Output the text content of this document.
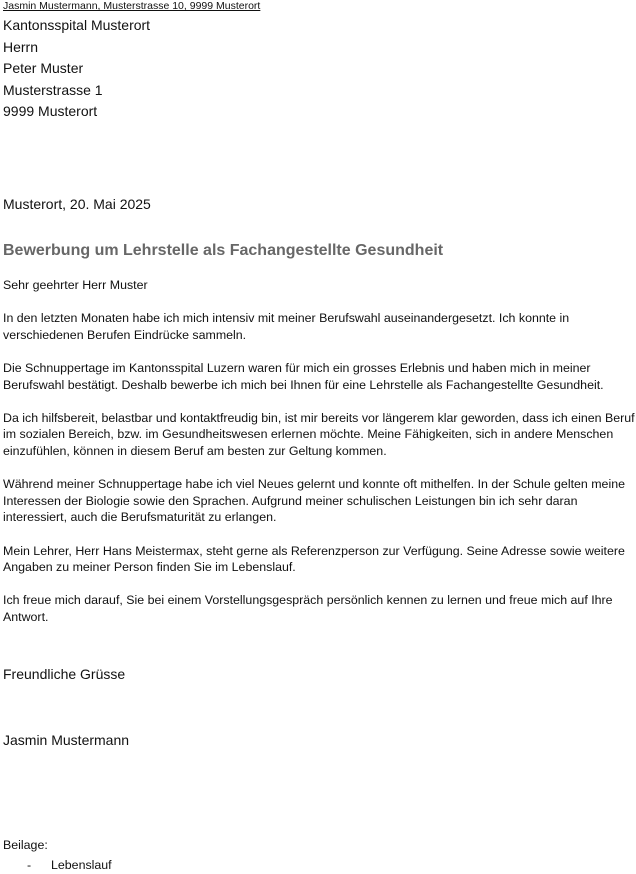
Jasmin Mustermann, Musterstrasse 10, 9999 Musterort
Kantonsspital Musterort
Herrn
Peter Muster
Musterstrasse 1
9999 Musterort
Musterort, 20. Mai 2025
Bewerbung um Lehrstelle als Fachangestellte Gesundheit

Sehr geehrter Herr Muster

In den letzten Monaten habe ich mich intensiv mit meiner Berufswahl auseinandergesetzt. Ich konnte in verschiedenen Berufen Eindrücke sammeln.

Die Schnuppertage im Kantonsspital Luzern waren für mich ein grosses Erlebnis und haben mich in meiner Berufswahl bestätigt. Deshalb bewerbe ich mich bei Ihnen für eine Lehrstelle als Fachangestellte Gesundheit.

Da ich hilfsbereit, belastbar und kontaktfreudig bin, ist mir bereits vor längerem klar geworden, dass ich einen Beruf im sozialen Bereich, bzw. im Gesundheitswesen erlernen möchte. Meine Fähigkeiten, sich in andere Menschen einzufühlen, können in diesem Beruf am besten zur Geltung kommen.

Während meiner Schnuppertage habe ich viel Neues gelernt und konnte oft mithelfen. In der Schule gelten meine Interessen der Biologie sowie den Sprachen. Aufgrund meiner schulischen Leistungen bin ich sehr daran interessiert, auch die Berufsmaturität zu erlangen.

Mein Lehrer, Herr Hans Meistermax, steht gerne als Referenzperson zur Verfügung. Seine Adresse sowie weitere Angaben zu meiner Person finden Sie im Lebenslauf.

Ich freue mich darauf, Sie bei einem Vorstellungsgespräch persönlich kennen zu lernen und freue mich auf Ihre Antwort.

Freundliche Grüsse
Jasmin Mustermann
Beilage:
- Lebenslauf
